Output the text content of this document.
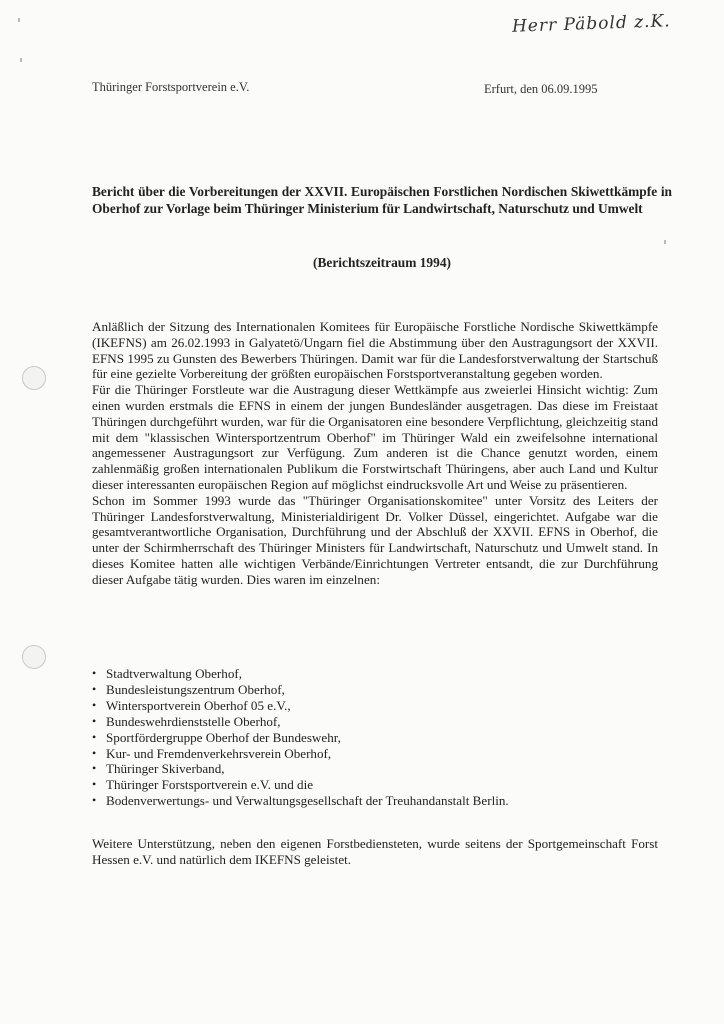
Herr Päbold z.K.
Thüringer Forstsportverein e.V.	Erfurt, den 06.09.1995
Bericht über die Vorbereitungen der XXVII. Europäischen Forstlichen Nordischen Skiwettkämpfe in Oberhof zur Vorlage beim Thüringer Ministerium für Landwirtschaft, Naturschutz und Umwelt
(Berichtszeitraum 1994)

Anläßlich der Sitzung des Internationalen Komitees für Europäische Forstliche Nordische Skiwettkämpfe (IKEFNS) am 26.02.1993 in Galyatetö/Ungarn fiel die Abstimmung über den Austragungsort der XXVII. EFNS 1995 zu Gunsten des Bewerbers Thüringen. Damit war für die Landesforstverwaltung der Startschuß für eine gezielte Vorbereitung der größten europäischen Forstsportveranstaltung gegeben worden.

Für die Thüringer Forstleute war die Austragung dieser Wettkämpfe aus zweierlei Hinsicht wichtig: Zum einen wurden erstmals die EFNS in einem der jungen Bundesländer ausgetragen. Das diese im Freistaat Thüringen durchgeführt wurden, war für die Organisatoren eine besondere Verpflichtung, gleichzeitig stand mit dem "klassischen Wintersportzentrum Oberhof" im Thüringer Wald ein zweifelsohne international angemessener Austragungsort zur Verfügung. Zum anderen ist die Chance genutzt worden, einem zahlenmäßig großen internationalen Publikum die Forstwirtschaft Thüringens, aber auch Land und Kultur dieser interessanten europäischen Region auf möglichst eindrucksvolle Art und Weise zu präsentieren.

Schon im Sommer 1993 wurde das "Thüringer Organisationskomitee" unter Vorsitz des Leiters der Thüringer Landesforstverwaltung, Ministerialdirigent Dr. Volker Düssel, eingerichtet. Aufgabe war die gesamtverantwortliche Organisation, Durchführung und der Abschluß der XXVII. EFNS in Oberhof, die unter der Schirmherrschaft des Thüringer Ministers für Landwirtschaft, Naturschutz und Umwelt stand. In dieses Komitee hatten alle wichtigen Verbände/Einrichtungen Vertreter entsandt, die zur Durchführung dieser Aufgabe tätig wurden. Dies waren im einzelnen:

• Stadtverwaltung Oberhof,
• Bundesleistungszentrum Oberhof,
• Wintersportverein Oberhof 05 e.V.,
• Bundeswehrdienststelle Oberhof,
• Sportfördergruppe Oberhof der Bundeswehr,
• Kur- und Fremdenverkehrsverein Oberhof,
• Thüringer Skiverband,
• Thüringer Forstsportverein e.V. und die
• Bodenverwertungs- und Verwaltungsgesellschaft der Treuhandanstalt Berlin.
Weitere Unterstützung, neben den eigenen Forstbediensteten, wurde seitens der Sportgemeinschaft Forst Hessen e.V. und natürlich dem IKEFNS geleistet.
